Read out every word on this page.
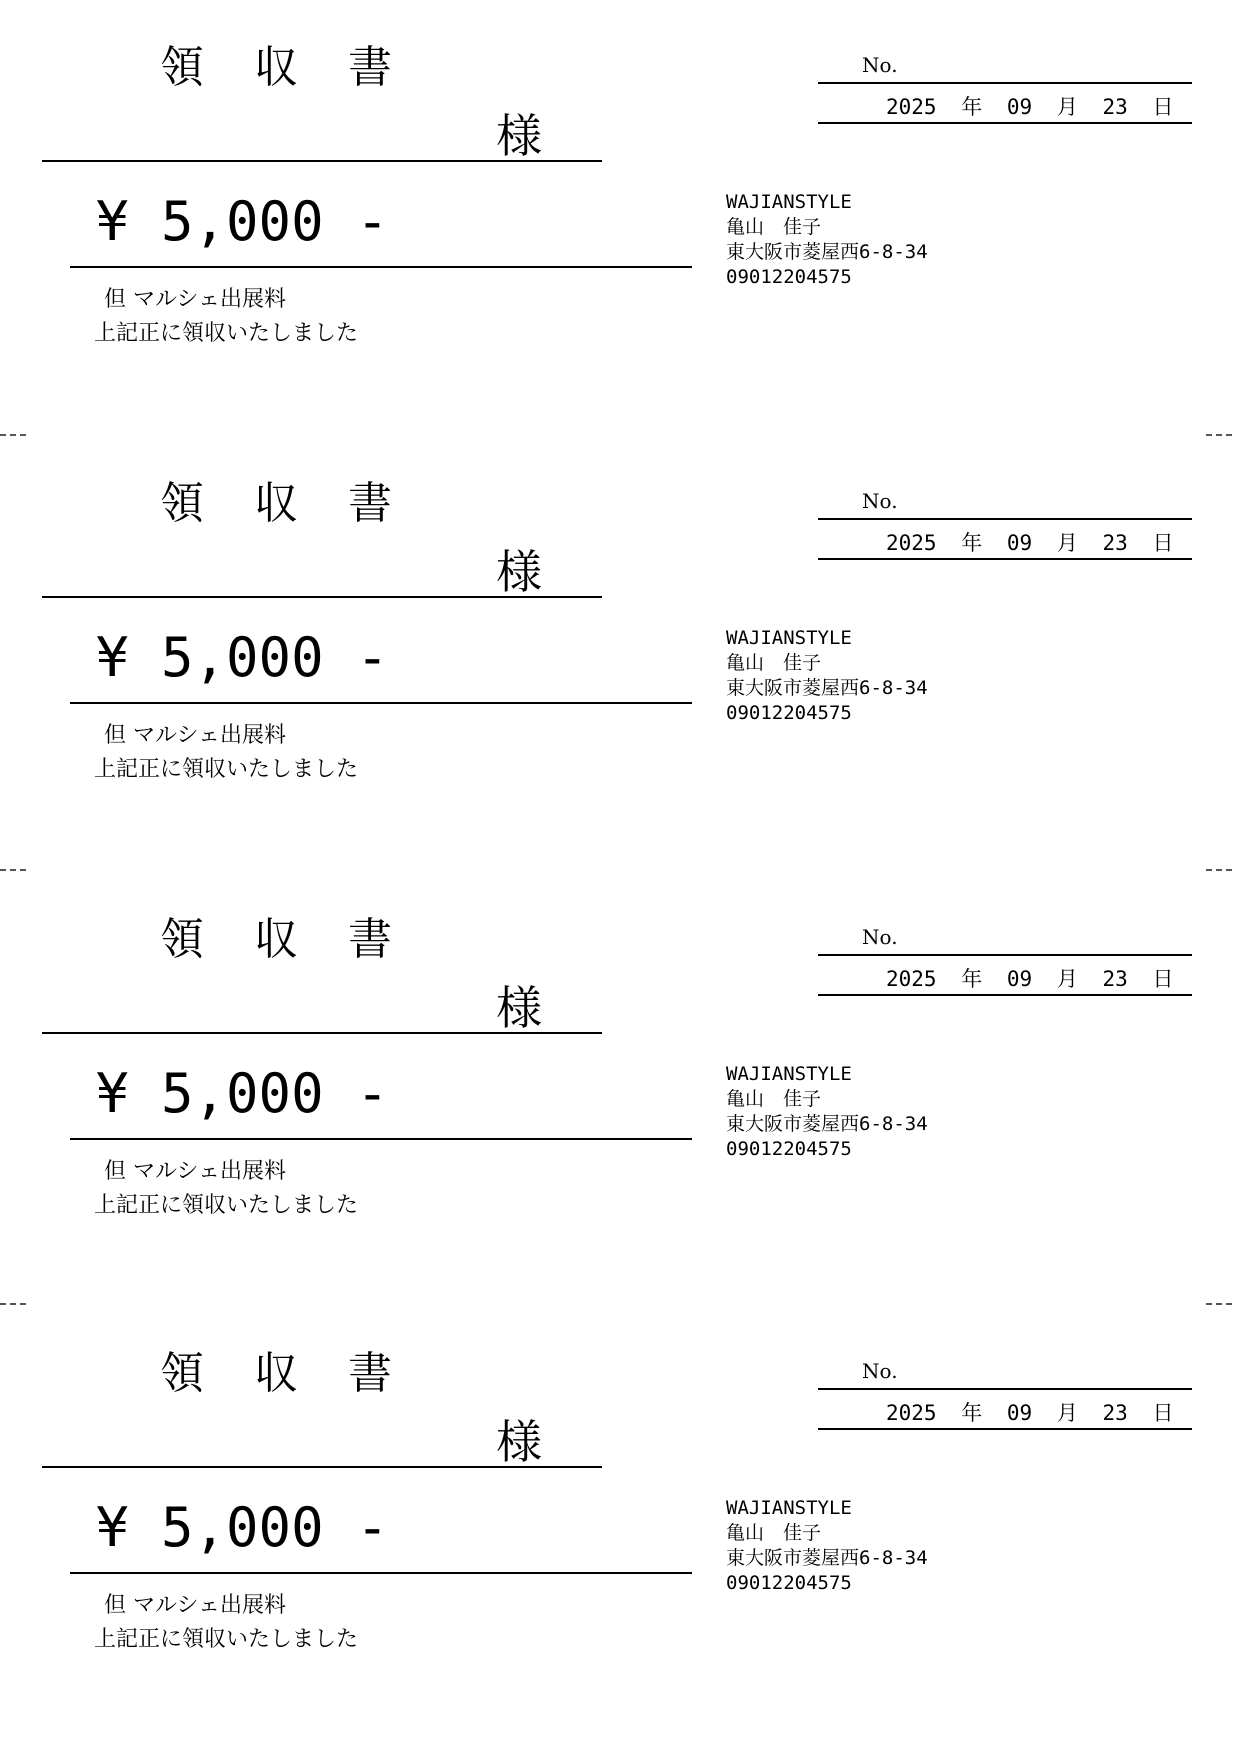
領 収 書
様
¥ 5,000 -
但 マルシェ出展料
上記正に領収いたしました
No.
2025 年 09 月 23 日
WAJIANSTYLE
亀山　佳子
東大阪市菱屋西6-8-34
09012204575
領 収 書
様
¥ 5,000 -
但 マルシェ出展料
上記正に領収いたしました
No.
2025 年 09 月 23 日
WAJIANSTYLE
亀山　佳子
東大阪市菱屋西6-8-34
09012204575
領 収 書
様
¥ 5,000 -
但 マルシェ出展料
上記正に領収いたしました
No.
2025 年 09 月 23 日
WAJIANSTYLE
亀山　佳子
東大阪市菱屋西6-8-34
09012204575
領 収 書
様
¥ 5,000 -
但 マルシェ出展料
上記正に領収いたしました
No.
2025 年 09 月 23 日
WAJIANSTYLE
亀山　佳子
東大阪市菱屋西6-8-34
09012204575
